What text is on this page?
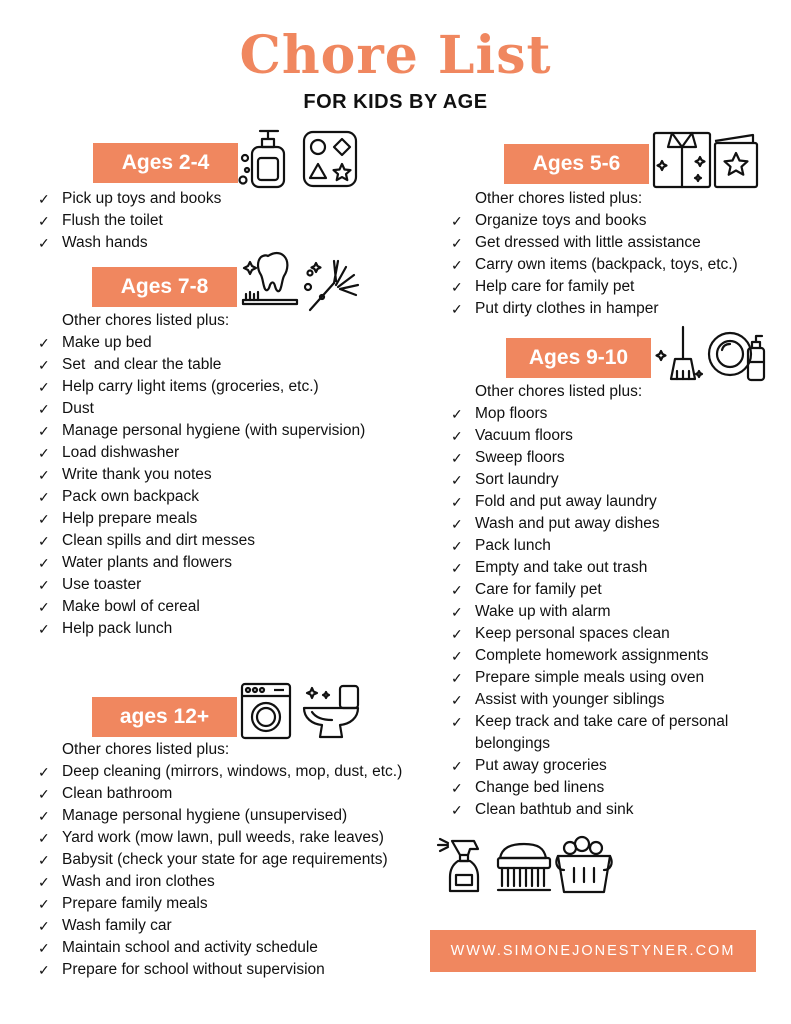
Chore List
FOR KIDS BY AGE
Ages 2-4
✓ Pick up toys and books
✓ Flush the toilet
✓ Wash hands
Ages 7-8
Other chores listed plus:
✓ Make up bed
✓ Set  and clear the table
✓ Help carry light items (groceries, etc.)
✓ Dust
✓ Manage personal hygiene (with supervision)
✓ Load dishwasher
✓ Write thank you notes
✓ Pack own backpack
✓ Help prepare meals
✓ Clean spills and dirt messes
✓ Water plants and flowers
✓ Use toaster
✓ Make bowl of cereal
✓ Help pack lunch
ages 12+
Other chores listed plus:
✓ Deep cleaning (mirrors, windows, mop, dust, etc.)
✓ Clean bathroom
✓ Manage personal hygiene (unsupervised)
✓ Yard work (mow lawn, pull weeds, rake leaves)
✓ Babysit (check your state for age requirements)
✓ Wash and iron clothes
✓ Prepare family meals
✓ Wash family car
✓ Maintain school and activity schedule
✓ Prepare for school without supervision
Ages 5-6
Other chores listed plus:
✓ Organize toys and books
✓ Get dressed with little assistance
✓ Carry own items (backpack, toys, etc.)
✓ Help care for family pet
✓ Put dirty clothes in hamper
Ages 9-10
Other chores listed plus:
✓ Mop floors
✓ Vacuum floors
✓ Sweep floors
✓ Sort laundry
✓ Fold and put away laundry
✓ Wash and put away dishes
✓ Pack lunch
✓ Empty and take out trash
✓ Care for family pet
✓ Wake up with alarm
✓ Keep personal spaces clean
✓ Complete homework assignments
✓ Prepare simple meals using oven
✓ Assist with younger siblings
✓ Keep track and take care of personal belongings
✓ Put away groceries
✓ Change bed linens
✓ Clean bathtub and sink
WWW.SIMONEJONESTYNER.COM
